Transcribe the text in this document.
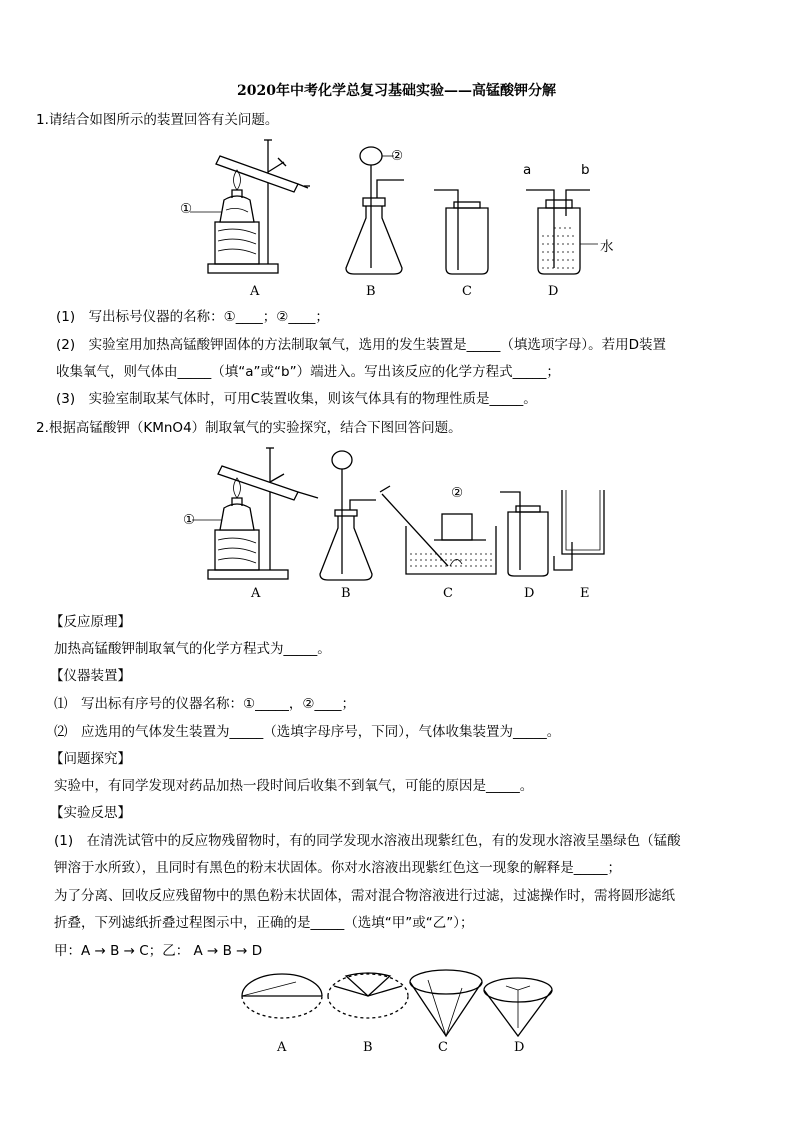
2020年中考化学总复习基础实验——高锰酸钾分解
1.请结合如图所示的装置回答有关问题。
①
②
a	b
水
A	B	C	D
(1)　写出标号仪器的名称：①____；②____；
(2)　实验室用加热高锰酸钾固体的方法制取氧气，选用的发生装置是_____（填选项字母）。若用D装置
收集氧气，则气体由_____（填“a”或“b”）端进入。写出该反应的化学方程式_____；
(3)　实验室制取某气体时，可用C装置收集，则该气体具有的物理性质是_____。
2.根据高锰酸钾（KMnO4）制取氧气的实验探究，结合下图回答问题。
①
②
A	B	C	D	E
【反应原理】
加热高锰酸钾制取氧气的化学方程式为_____。
【仪器装置】
⑴　写出标有序号的仪器名称：①_____，②____；
⑵　应选用的气体发生装置为_____（选填字母序号，下同），气体收集装置为_____。
【问题探究】
实验中，有同学发现对药品加热一段时间后收集不到氧气，可能的原因是_____。
【实验反思】
(1)　在清洗试管中的反应物残留物时，有的同学发现水溶液出现紫红色，有的发现水溶液呈墨绿色（锰酸
钾溶于水所致），且同时有黑色的粉末状固体。你对水溶液出现紫红色这一现象的解释是_____；
为了分离、回收反应残留物中的黑色粉末状固体，需对混合物溶液进行过滤，过滤操作时，需将圆形滤纸
折叠，下列滤纸折叠过程图示中，正确的是_____（选填“甲”或“乙”）；
甲：A → B → C；乙： A → B → D
A	B	C	D
